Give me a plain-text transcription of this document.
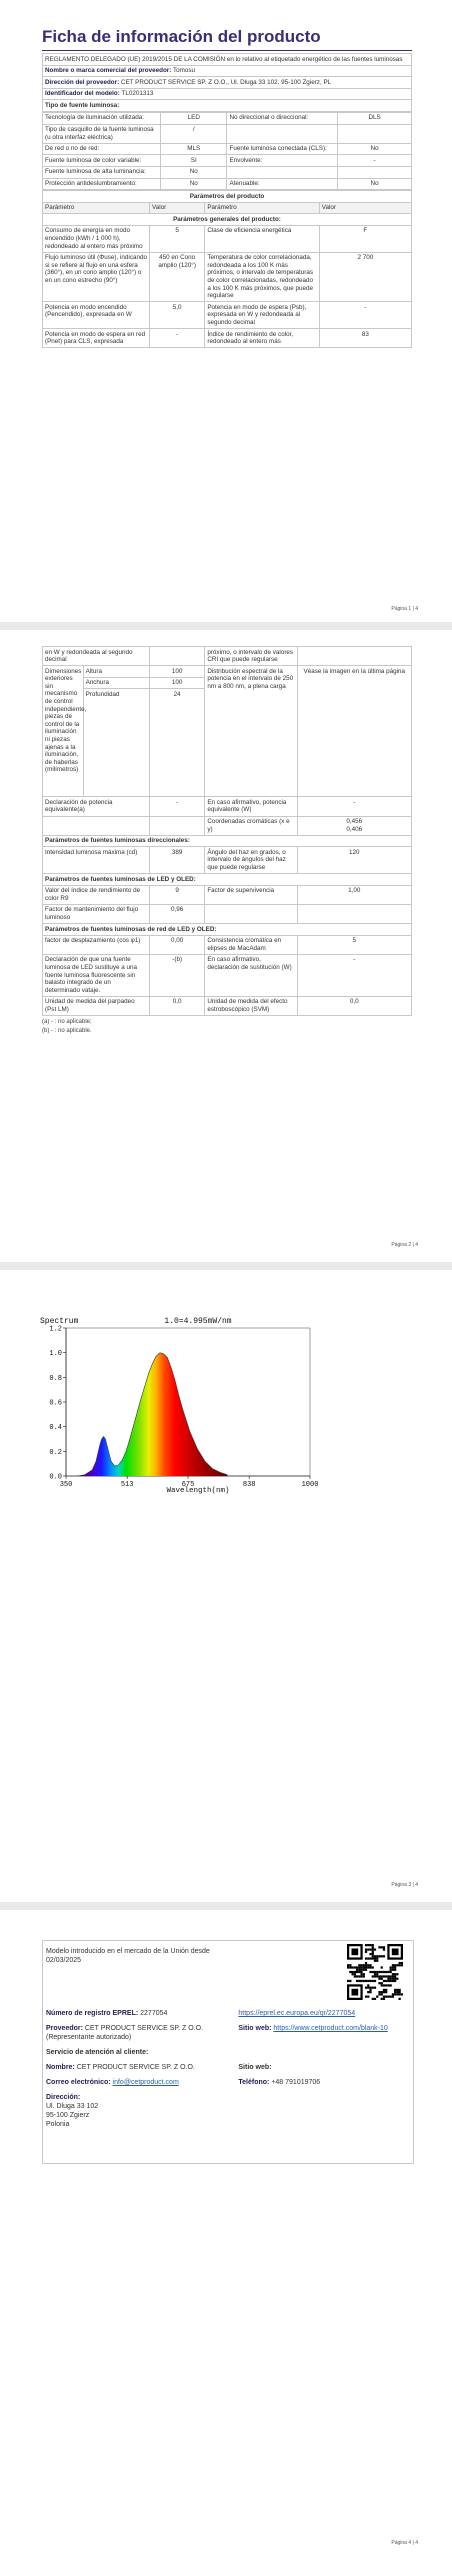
Ficha de información del producto
REGLAMENTO DELEGADO (UE) 2019/2015 DE LA COMISIÓN en lo relativo al etiquetado energético de las fuentes luminosas
Nombre o marca comercial del proveedor: Tomosu
Dirección del proveedor: CET PRODUCT SERVICE SP. Z O.O., Ul. Dluga 33 102, 95-100 Zgierz, PL
Identificador del modelo: TL0201313
Tipo de fuente luminosa:
Tecnología de iluminación utilizada:	LED	No direccional o direccional:	DLS
Tipo de casquillo de la fuente luminosa (u otra interfaz eléctrica)	/		
De red o no de red:	MLS	Fuente luminosa conectada (CLS):	No
Fuente luminosa de color variable:	Sí	Envolvente:	-
Fuente luminosa de alta luminancia:	No		
Protección antideslumbramiento:	No	Atenuable:	No
Parámetros del producto			
Parámetro	Valor	Parámetro	Valor
Parámetros generales del producto:			
Consumo de energía en modo encendido (kWh / 1 000 h), redondeado al entero más próximo	5	Clase de eficiencia energética	F
Flujo luminoso útil (Φuse), indicando si se refiere al flujo en una esfera (360°), en un cono amplio (120°) o en un cono estrecho (90°)	450 en Cono amplio (120°)	Temperatura de color correlacionada, redondeada a los 100 K más próximos, o intervalo de temperaturas de color correlacionadas, redondeado a los 100 K más próximos, que puede regularse	2 700
Potencia en modo encendido (Pencendido), expresada en W	5,0	Potencia en modo de espera (Psb), expresada en W y redondeada al segundo decimal	-
Potencia en modo de espera en red (Pnet) para CLS, expresada	-	Índice de rendimiento de color, redondeado al entero más	83
Página 1 | 4
en W y redondeada al segundo decimal			próximo, o intervalo de valores CRI que puede regularse	
Dimensiones exteriores sin mecanismo de control independiente, piezas de control de la iluminación ni piezas ajenas a la iluminación, de haberlas (milímetros)	Altura	100	Distribución espectral de la potencia en el intervalo de 250 nm a 800 nm, a plena carga	Véase la imagen en la última página
	Anchura	100		
	Profundidad	24		
Declaración de potencia equivalente(a)		-	En caso afirmativo, potencia equivalente (W)	-
			Coordenadas cromáticas (x e y)	0,456
0,406
Parámetros de fuentes luminosas direccionales:				
Intensidad luminosa máxima (cd)		389	Ángulo del haz en grados, o intervalo de ángulos del haz que puede regularse	120
Parámetros de fuentes luminosas de LED y OLED:				
Valor del índice de rendimiento de color R9		9	Factor de supervivencia	1,00
Factor de mantenimiento del flujo luminoso		0,96		
Parámetros de fuentes luminosas de red de LED y OLED:				
factor de desplazamiento (cos φ1)		0,00	Consistencia cromática en elipses de MacAdam	5
Declaración de que una fuente luminosa de LED sustituye a una fuente luminosa fluorescente sin balasto integrado de un determinado vataje.		-(b)	En caso afirmativo, declaración de sustitución (W)	-
Unidad de medida del parpadeo (Pst LM)		0,0	Unidad de medida del efecto estroboscópico (SVM)	0,0
(a) - : no aplicable;
(b) - : no aplicable.
Página 2 | 4
Spectrum	1.0=4.995mW/nm
0.0
0.2
0.4
0.6
0.8
1.0
1.2
350	513	675	838	1000
Wavelength(nm)
Página 3 | 4
Modelo introducido en el mercado de la Unión desde 02/03/2025	

Número de registro EPREL: 2277054	https://eprel.ec.europa.eu/qr/2277054
Proveedor: CET PRODUCT SERVICE SP. Z O.O. (Representante autorizado)	Sitio web: https://www.cetproduct.com/blank-10
Servicio de atención al cliente:	
Nombre: CET PRODUCT SERVICE SP. Z O.O.	Sitio web:
Correo electrónico: info@cetproduct.com	Teléfono: +48 791019706

Dirección:
Ul. Dluga 33 102
95-100 Zgierz
Polonia	

Página 4 | 4
